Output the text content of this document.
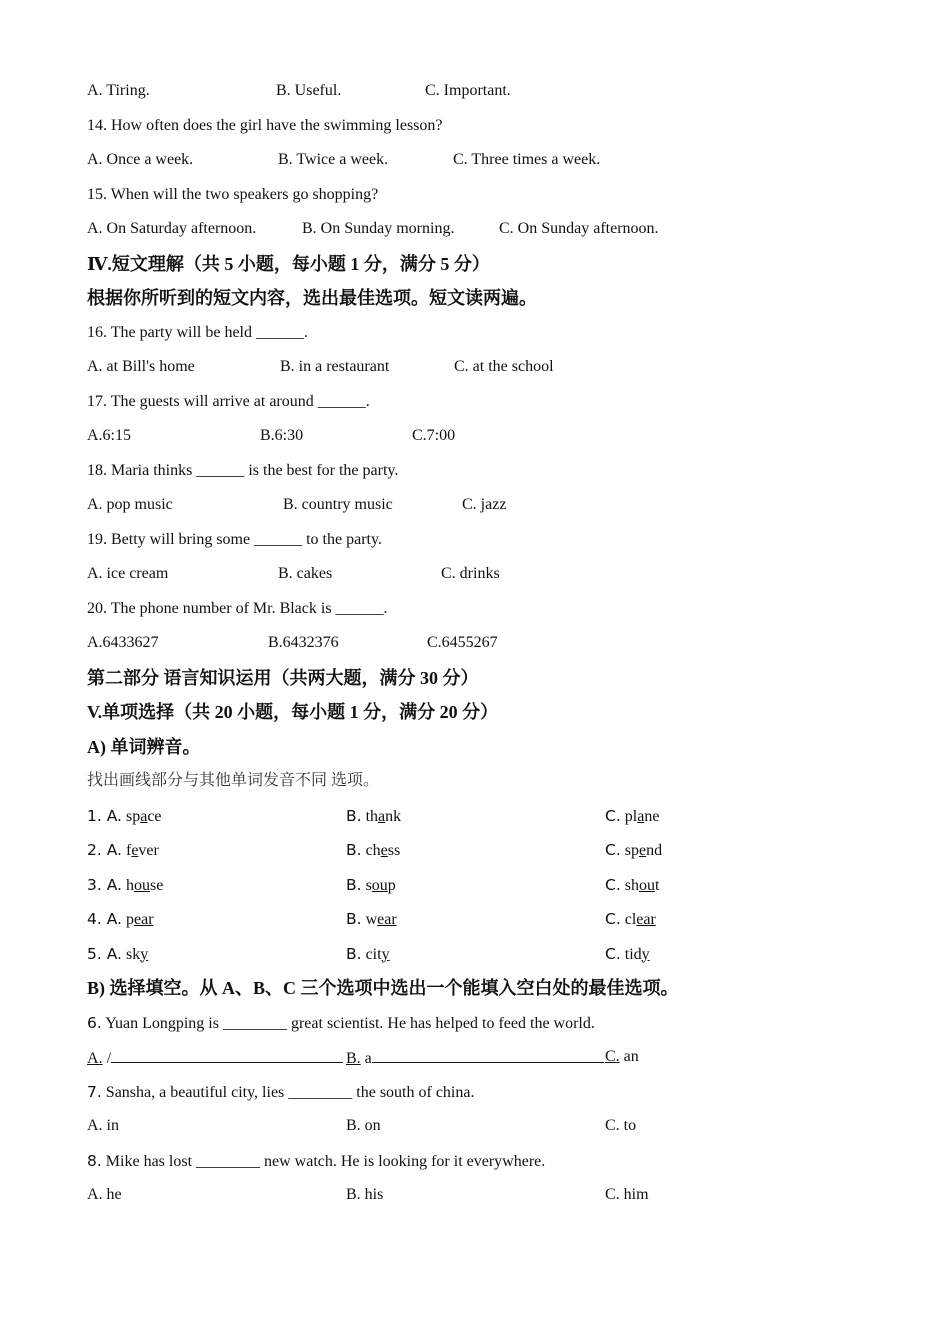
A. Tiring.	B. Useful.	C. Important.
14. How often does the girl have the swimming lesson?
A. Once a week.	B. Twice a week.	C. Three times a week.
15. When will the two speakers go shopping?
A. On Saturday afternoon.	B. On Sunday morning.	C. On Sunday afternoon.
Ⅳ.短文理解（共 5 小题，每小题 1 分，满分 5 分）
根据你所听到的短文内容，选出最佳选项。短文读两遍。
16. The party will be held ______.
A. at Bill's home	B. in a restaurant	C. at the school
17. The guests will arrive at around ______.
A.6:15	B.6:30	C.7:00
18. Maria thinks ______ is the best for the party.
A. pop music	B. country music	C. jazz
19. Betty will bring some ______ to the party.
A. ice cream	B. cakes	C. drinks
20. The phone number of Mr. Black is ______.
A.6433627	B.6432376	C.6455267
第二部分 语言知识运用（共两大题，满分 30 分）
V.单项选择（共 20 小题，每小题 1 分，满分 20 分）
A) 单词辨音。
找出画线部分与其他单词发音不同 选项。
1. A. space	B. thank	C. plane
2. A. fever	B. chess	C. spend
3. A. house	B. soup	C. shout
4. A. pear	B. wear	C. clear
5. A. sky	B. city	C. tidy
B) 选择填空。从 A、B、C 三个选项中选出一个能填入空白处的最佳选项。
6. Yuan Longping is ________ great scientist. He has helped to feed the world.
A. /	B. a	C. an
7. Sansha, a beautiful city, lies ________ the south of china.
A. in	B. on	C. to
8. Mike has lost ________ new watch. He is looking for it everywhere.
A. he	B. his	C. him
